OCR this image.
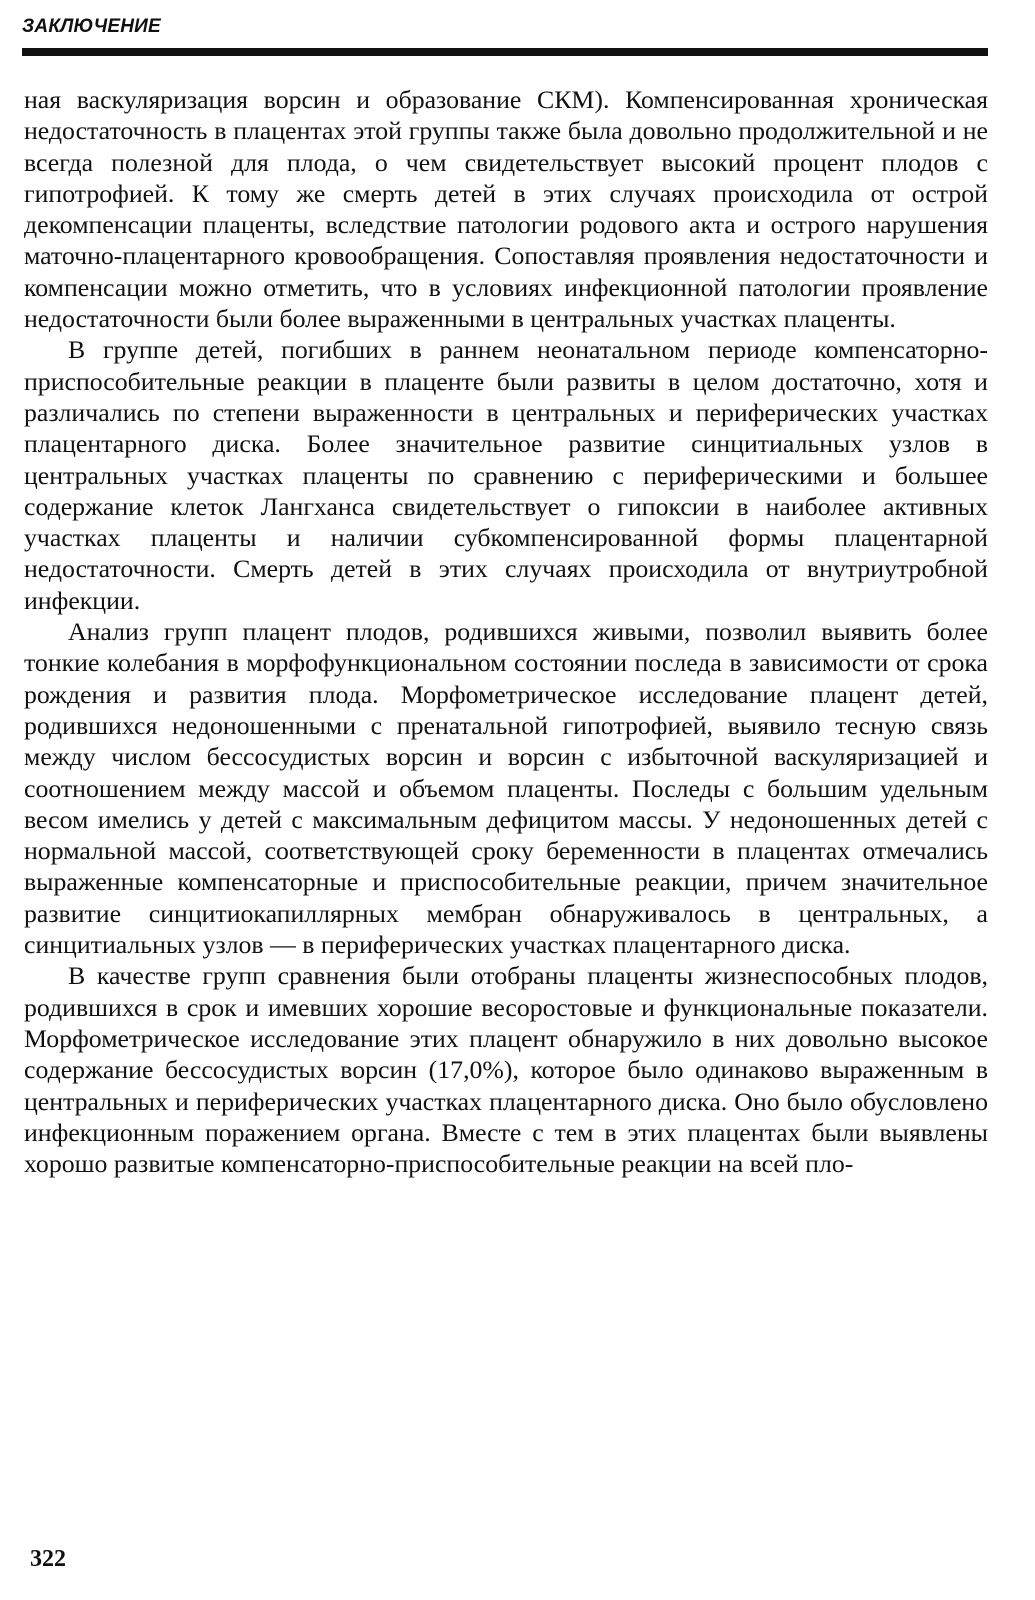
ЗАКЛЮЧЕНИЕ

ная васкуляризация ворсин и образование СКМ). Компенсированная хроническая недостаточность в плацентах этой группы также была довольно продолжительной и не всегда полезной для плода, о чем свидетельствует высокий процент плодов с гипотрофией. К тому же смерть детей в этих случаях происходила от острой декомпенсации плаценты, вследствие патологии родового акта и острого нарушения маточно-плацентарного кровообращения. Сопоставляя проявления недостаточности и компенсации можно отметить, что в условиях инфекционной патологии проявление недостаточности были более выраженными в центральных участках плаценты.

В группе детей, погибших в раннем неонатальном периоде компенсаторно-приспособительные реакции в плаценте были развиты в целом достаточно, хотя и различались по степени выраженности в центральных и периферических участках плацентарного диска. Более значительное развитие синцитиальных узлов в центральных участках плаценты по сравнению с периферическими и большее содержание клеток Лангханса свидетельствует о гипоксии в наиболее активных участках плаценты и наличии субкомпенсированной формы плацентарной недостаточности. Смерть детей в этих случаях происходила от внутриутробной инфекции.

Анализ групп плацент плодов, родившихся живыми, позволил выявить более тонкие колебания в морфофункциональном состоянии последа в зависимости от срока рождения и развития плода. Морфометрическое исследование плацент детей, родившихся недоношенными с пренатальной гипотрофией, выявило тесную связь между числом бессосудистых ворсин и ворсин с избыточной васкуляризацией и соотношением между массой и объемом плаценты. Последы с большим удельным весом имелись у детей с максимальным дефицитом массы. У недоношенных детей с нормальной массой, соответствующей сроку беременности в плацентах отмечались выраженные компенсаторные и приспособительные реакции, причем значительное развитие синцитиокапиллярных мембран обнаруживалось в центральных, а синцитиальных узлов — в периферических участках плацентарного диска.

В качестве групп сравнения были отобраны плаценты жизнеспособных плодов, родившихся в срок и имевших хорошие весоростовые и функциональные показатели. Морфометрическое исследование этих плацент обнаружило в них довольно высокое содержание бессосудистых ворсин (17,0%), которое было одинаково выраженным в центральных и периферических участках плацентарного диска. Оно было обусловлено инфекционным поражением органа. Вместе с тем в этих плацентах были выявлены хорошо развитые компенсаторно-приспособительные реакции на всей пло-

322
